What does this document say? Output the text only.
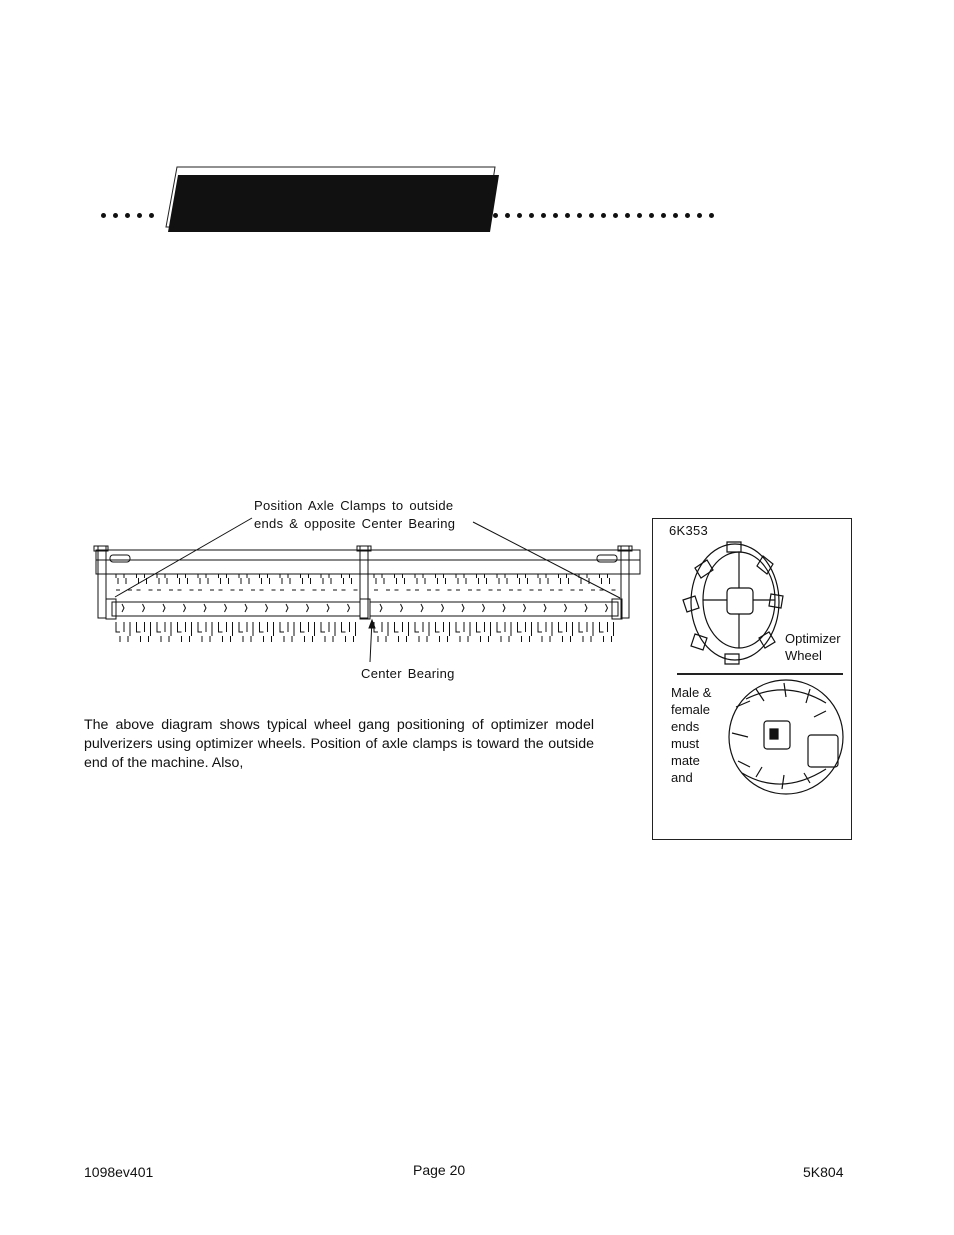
Position Axle Clamps to outside
ends & opposite Center Bearing
Center Bearing
The above diagram shows typical wheel gang positioning of optimizer model pulverizers using optimizer wheels. Position of axle clamps is toward the outside end of the machine. Also,
6K353
Optimizer
Wheel
Male &
female
ends
must
mate
and
1098ev401	Page 20	5K804
